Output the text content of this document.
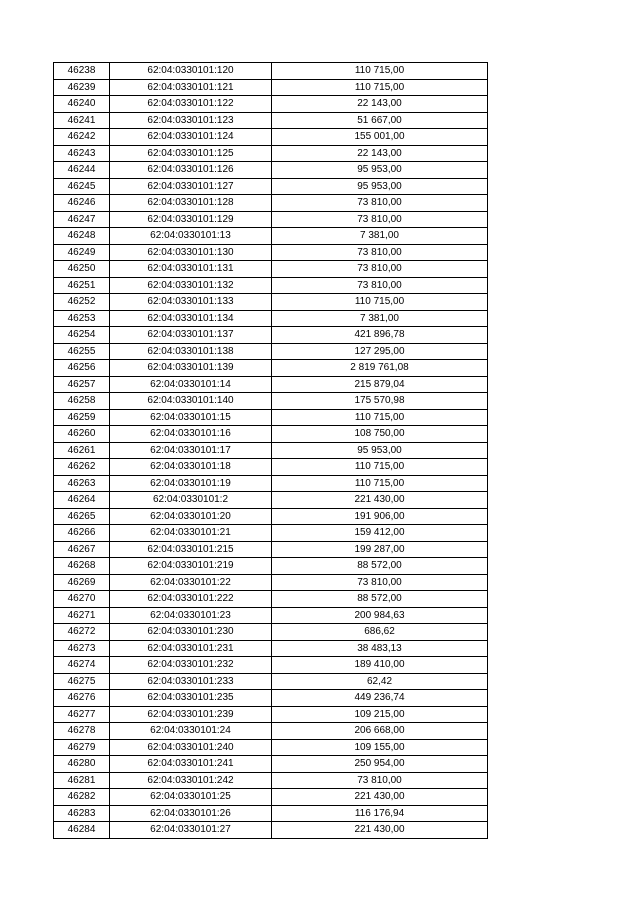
46238	62:04:0330101:120	110 715,00
46239	62:04:0330101:121	110 715,00
46240	62:04:0330101:122	22 143,00
46241	62:04:0330101:123	51 667,00
46242	62:04:0330101:124	155 001,00
46243	62:04:0330101:125	22 143,00
46244	62:04:0330101:126	95 953,00
46245	62:04:0330101:127	95 953,00
46246	62:04:0330101:128	73 810,00
46247	62:04:0330101:129	73 810,00
46248	62:04:0330101:13	7 381,00
46249	62:04:0330101:130	73 810,00
46250	62:04:0330101:131	73 810,00
46251	62:04:0330101:132	73 810,00
46252	62:04:0330101:133	110 715,00
46253	62:04:0330101:134	7 381,00
46254	62:04:0330101:137	421 896,78
46255	62:04:0330101:138	127 295,00
46256	62:04:0330101:139	2 819 761,08
46257	62:04:0330101:14	215 879,04
46258	62:04:0330101:140	175 570,98
46259	62:04:0330101:15	110 715,00
46260	62:04:0330101:16	108 750,00
46261	62:04:0330101:17	95 953,00
46262	62:04:0330101:18	110 715,00
46263	62:04:0330101:19	110 715,00
46264	62:04:0330101:2	221 430,00
46265	62:04:0330101:20	191 906,00
46266	62:04:0330101:21	159 412,00
46267	62:04:0330101:215	199 287,00
46268	62:04:0330101:219	88 572,00
46269	62:04:0330101:22	73 810,00
46270	62:04:0330101:222	88 572,00
46271	62:04:0330101:23	200 984,63
46272	62:04:0330101:230	686,62
46273	62:04:0330101:231	38 483,13
46274	62:04:0330101:232	189 410,00
46275	62:04:0330101:233	62,42
46276	62:04:0330101:235	449 236,74
46277	62:04:0330101:239	109 215,00
46278	62:04:0330101:24	206 668,00
46279	62:04:0330101:240	109 155,00
46280	62:04:0330101:241	250 954,00
46281	62:04:0330101:242	73 810,00
46282	62:04:0330101:25	221 430,00
46283	62:04:0330101:26	116 176,94
46284	62:04:0330101:27	221 430,00
